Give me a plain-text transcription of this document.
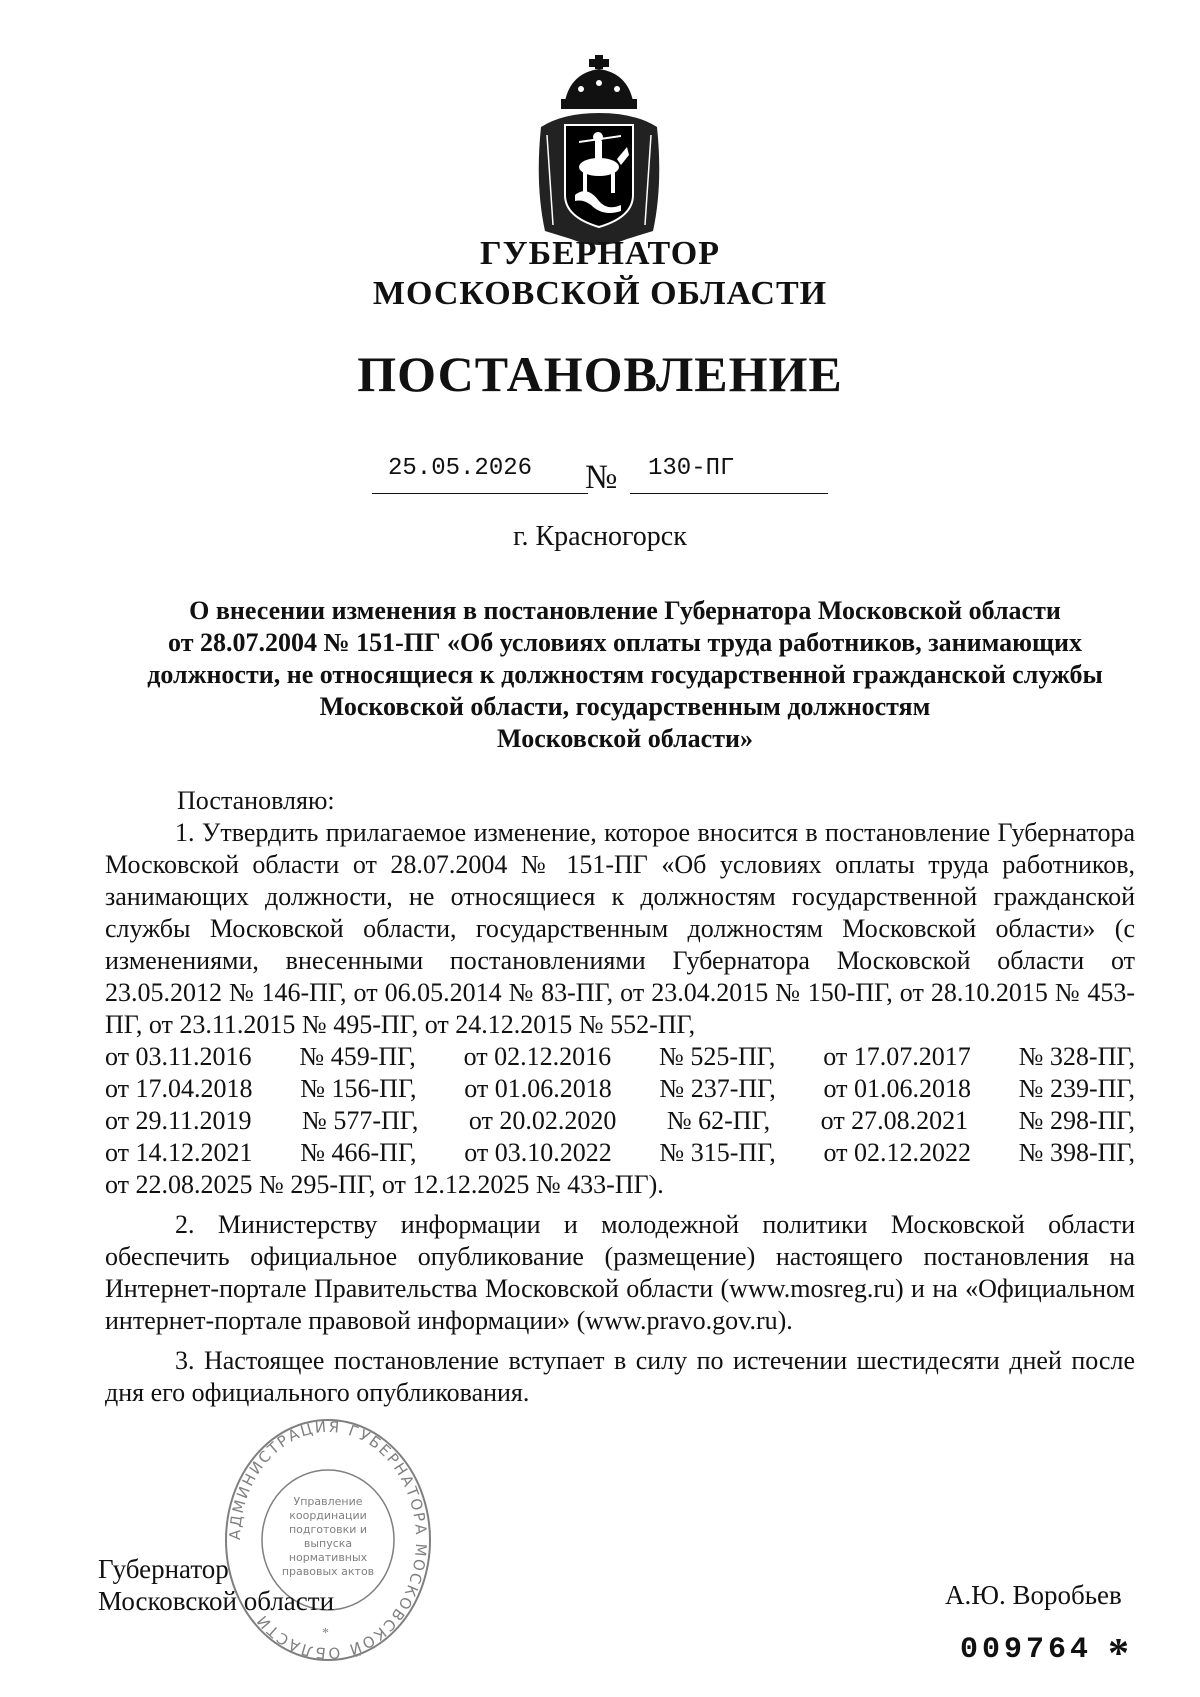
ГУБЕРНАТОР
МОСКОВСКОЙ ОБЛАСТИ
ПОСТАНОВЛЕНИЕ
25.05.2026 № 130-ПГ
г. Красногорск
О внесении изменения в постановление Губернатора Московской области
от 28.07.2004 № 151-ПГ «Об условиях оплаты труда работников, занимающих
должности, не относящиеся к должностям государственной гражданской службы
Московской области, государственным должностям
Московской области»
Постановляю:
1. Утвердить прилагаемое изменение, которое вносится в постановление Губернатора Московской области от 28.07.2004 № 151-ПГ «Об условиях оплаты труда работников, занимающих должности, не относящиеся к должностям государственной гражданской службы Московской области, государственным должностям Московской области» (с изменениями, внесенными постановлениями Губернатора Московской области от 23.05.2012 № 146-ПГ, от 06.05.2014 № 83-ПГ, от 23.04.2015 № 150-ПГ, от 28.10.2015 № 453-ПГ, от 23.11.2015 № 495-ПГ, от 24.12.2015 № 552-ПГ,
от 03.11.2016 № 459-ПГ, от 02.12.2016 № 525-ПГ, от 17.07.2017 № 328-ПГ,
от 17.04.2018 № 156-ПГ, от 01.06.2018 № 237-ПГ, от 01.06.2018 № 239-ПГ,
от 29.11.2019 № 577-ПГ, от 20.02.2020 № 62-ПГ, от 27.08.2021 № 298-ПГ,
от 14.12.2021 № 466-ПГ, от 03.10.2022 № 315-ПГ, от 02.12.2022 № 398-ПГ,
от 22.08.2025 № 295-ПГ, от 12.12.2025 № 433-ПГ).
2. Министерству информации и молодежной политики Московской области обеспечить официальное опубликование (размещение) настоящего постановления на Интернет-портале Правительства Московской области (www.mosreg.ru) и на «Официальном интернет-портале правовой информации» (www.pravo.gov.ru).
3. Настоящее постановление вступает в силу по истечении шестидесяти дней после дня его официального опубликования.
АДМИНИСТРАЦИЯ ГУБЕРНАТОРА МОСКОВСКОЙ ОБЛАСТИ
Управление координации подготовки и выпуска нормативных правовых актов
*
Губернатор
Московской области	А.Ю. Воробьев
009764 *
